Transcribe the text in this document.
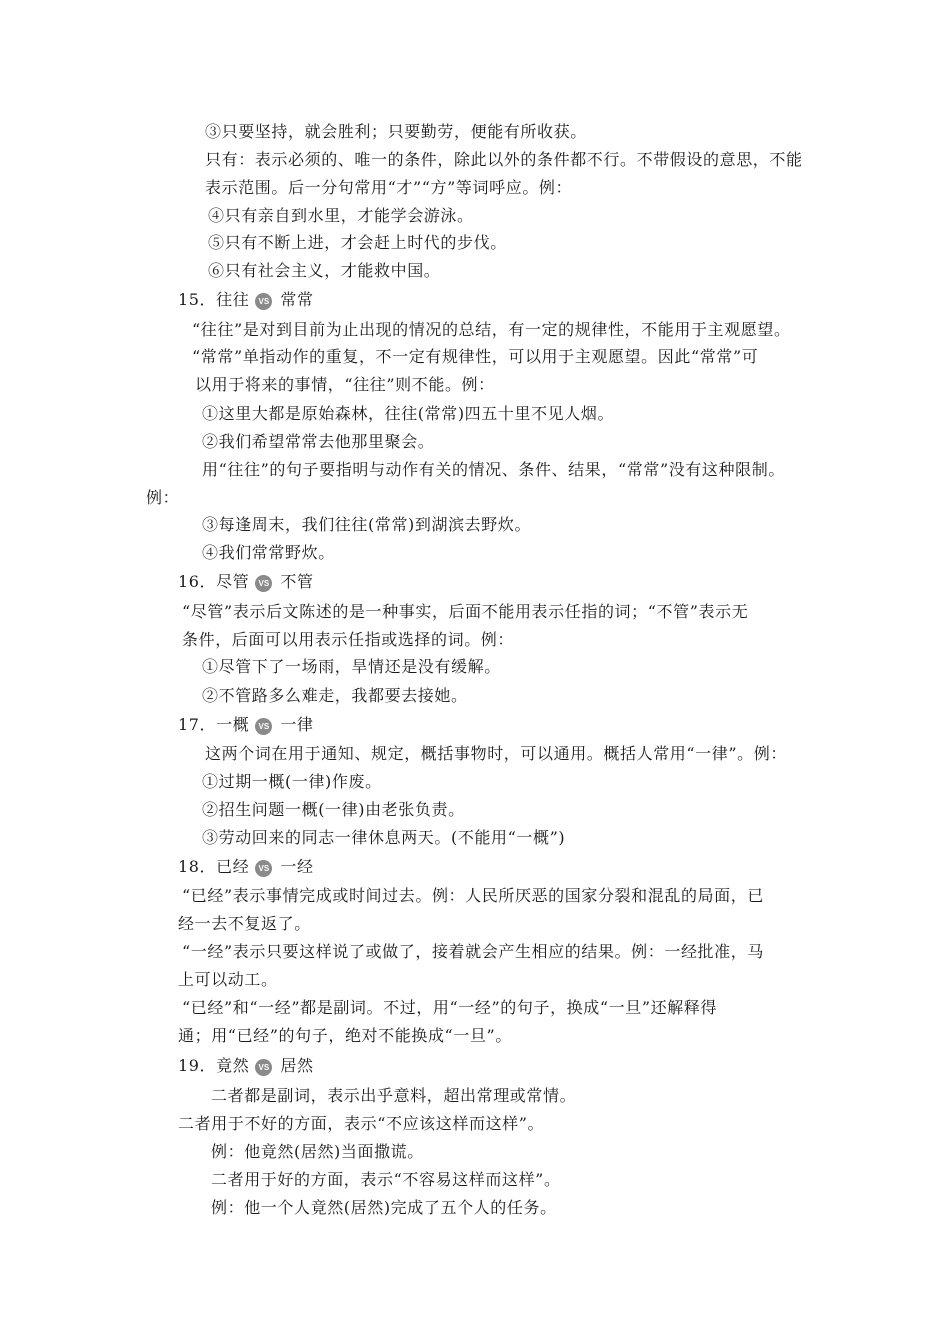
③只要坚持，就会胜利；只要勤劳，便能有所收获。
只有：表示必须的、唯一的条件，除此以外的条件都不行。不带假设的意思，不能
表示范围。后一分句常用“才”“方”等词呼应。例：
④只有亲自到水里，才能学会游泳。
⑤只有不断上进，才会赶上时代的步伐。
⑥只有社会主义，才能救中国。
15．往往 VS 常常
“往往”是对到目前为止出现的情况的总结，有一定的规律性，不能用于主观愿望。
“常常”单指动作的重复，不一定有规律性，可以用于主观愿望。因此“常常”可
以用于将来的事情，“往往”则不能。例：
①这里大都是原始森林，往往(常常)四五十里不见人烟。
②我们希望常常去他那里聚会。
用“往往”的句子要指明与动作有关的情况、条件、结果，“常常”没有这种限制。
例：
③每逢周末，我们往往(常常)到湖滨去野炊。
④我们常常野炊。
16．尽管 VS 不管
“尽管”表示后文陈述的是一种事实，后面不能用表示任指的词；“不管”表示无
条件，后面可以用表示任指或选择的词。例：
①尽管下了一场雨，旱情还是没有缓解。
②不管路多么难走，我都要去接她。
17．一概 VS 一律
这两个词在用于通知、规定，概括事物时，可以通用。概括人常用“一律”。例：
①过期一概(一律)作废。
②招生问题一概(一律)由老张负责。
③劳动回来的同志一律休息两天。(不能用“一概”)
18．已经 VS 一经
“已经”表示事情完成或时间过去。例：人民所厌恶的国家分裂和混乱的局面，已
经一去不复返了。
“一经”表示只要这样说了或做了，接着就会产生相应的结果。例：一经批准，马
上可以动工。
“已经”和“一经”都是副词。不过，用“一经”的句子，换成“一旦”还解释得
通；用“已经”的句子，绝对不能换成“一旦”。
19．竟然 VS 居然
二者都是副词，表示出乎意料，超出常理或常情。
二者用于不好的方面，表示“不应该这样而这样”。
例：他竟然(居然)当面撒谎。
二者用于好的方面，表示“不容易这样而这样”。
例：他一个人竟然(居然)完成了五个人的任务。
